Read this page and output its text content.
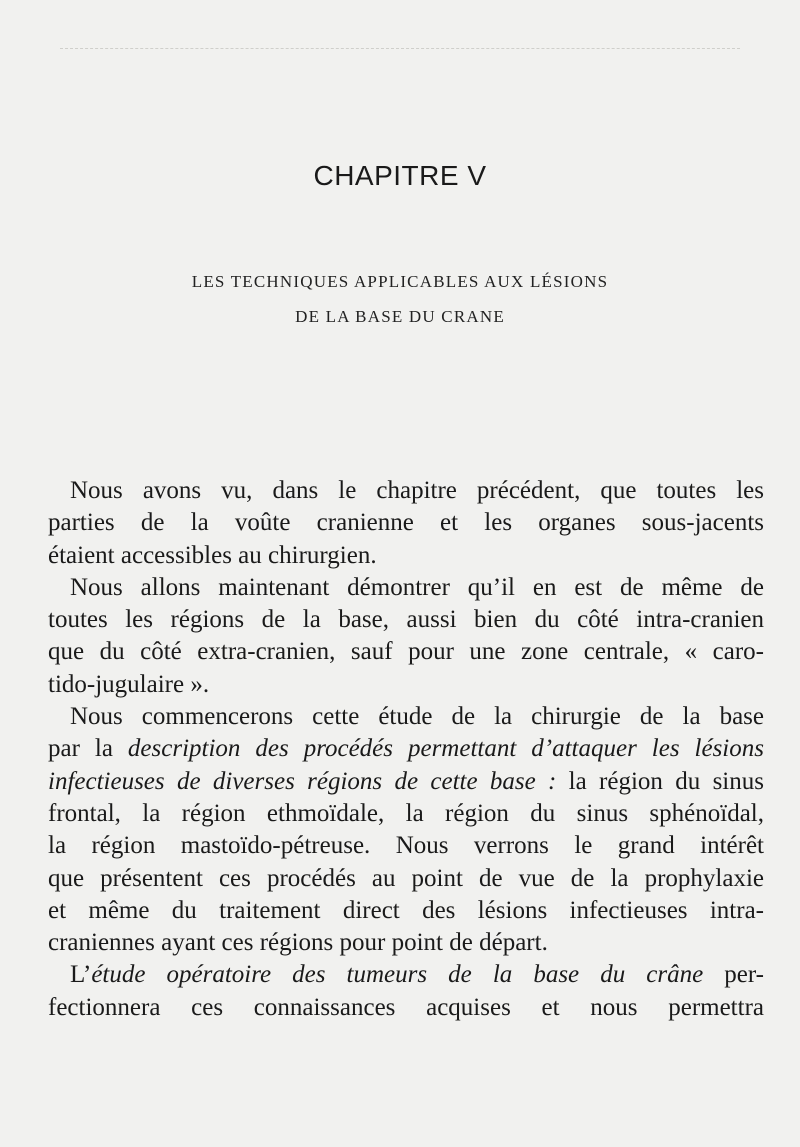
CHAPITRE V
LES TECHNIQUES APPLICABLES AUX LÉSIONS
DE LA BASE DU CRANE
Nous avons vu, dans le chapitre précédent, que toutes les
parties de la voûte cranienne et les organes sous-jacents
étaient accessibles au chirurgien.
Nous allons maintenant démontrer qu’il en est de même de
toutes les régions de la base, aussi bien du côté intra-cranien
que du côté extra-cranien, sauf pour une zone centrale, « caro-
tido-jugulaire ».
Nous commencerons cette étude de la chirurgie de la base
par la description des procédés permettant d’attaquer les lésions
infectieuses de diverses régions de cette base : la région du sinus
frontal, la région ethmoïdale, la région du sinus sphénoïdal,
la région mastoïdo-pétreuse. Nous verrons le grand intérêt
que présentent ces procédés au point de vue de la prophylaxie
et même du traitement direct des lésions infectieuses intra-
craniennes ayant ces régions pour point de départ.
L’étude opératoire des tumeurs de la base du crâne per-
fectionnera ces connaissances acquises et nous permettra
